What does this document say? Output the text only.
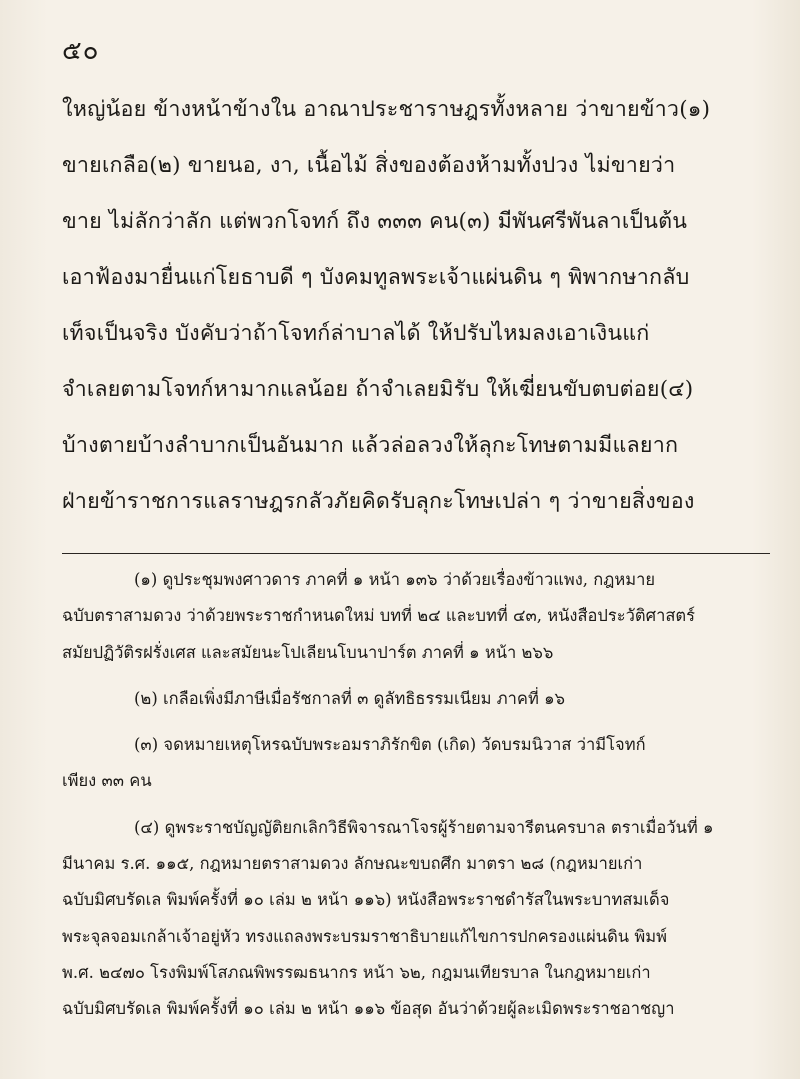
๕๐
ใหญ่น้อย ข้างหน้าข้างใน อาณาประชาราษฎรทั้งหลาย ว่าขายข้าว(๑)
ขายเกลือ(๒) ขายนอ, งา, เนื้อไม้ สิ่งของต้องห้ามทั้งปวง ไม่ขายว่า
ขาย ไม่ลักว่าลัก แต่พวกโจทก์ ถึง ๓๓๓ คน(๓) มีพันศรีพันลาเป็นต้น
เอาฟ้องมายื่นแก่โยธาบดี ๆ บังคมทูลพระเจ้าแผ่นดิน ๆ พิพากษากลับ
เท็จเป็นจริง บังคับว่าถ้าโจทก์ล่าบาลได้ ให้ปรับไหมลงเอาเงินแก่
จำเลยตามโจทก์หามากแลน้อย ถ้าจำเลยมิรับ ให้เฆี่ยนขับตบต่อย(๔)
บ้างตายบ้างลำบากเป็นอันมาก แล้วล่อลวงให้ลุกะโทษตามมีแลยาก
ฝ่ายข้าราชการแลราษฎรกลัวภัยคิดรับลุกะโทษเปล่า ๆ ว่าขายสิ่งของ
(๑) ดูประชุมพงศาวดาร ภาคที่ ๑ หน้า ๑๓๖ ว่าด้วยเรื่องข้าวแพง, กฎหมาย
ฉบับตราสามดวง ว่าด้วยพระราชกำหนดใหม่ บทที่ ๒๔ และบทที่ ๔๓, หนังสือประวัติศาสตร์
สมัยปฏิวัติรฝรั่งเศส และสมัยนะโปเลียนโบนาปาร์ต ภาคที่ ๑ หน้า ๒๖๖
(๒) เกลือเพิ่งมีภาษีเมื่อรัชกาลที่ ๓ ดูลัทธิธรรมเนียม ภาคที่ ๑๖
(๓) จดหมายเหตุโหรฉบับพระอมราภิรักขิต (เกิด) วัดบรมนิวาส ว่ามีโจทก์
เพียง ๓๓ คน
(๔) ดูพระราชบัญญัติยกเลิกวิธีพิจารณาโจรผู้ร้ายตามจารีตนครบาล ตราเมื่อวันที่ ๑
มีนาคม ร.ศ. ๑๑๕, กฎหมายตราสามดวง ลักษณะขบถศึก มาตรา ๒๘ (กฎหมายเก่า
ฉบับมิศบรัดเล พิมพ์ครั้งที่ ๑๐ เล่ม ๒ หน้า ๑๑๖) หนังสือพระราชดำรัสในพระบาทสมเด็จ
พระจุลจอมเกล้าเจ้าอยู่หัว ทรงแถลงพระบรมราชาธิบายแก้ไขการปกครองแผ่นดิน พิมพ์
พ.ศ. ๒๔๗๐ โรงพิมพ์โสภณพิพรรฒธนากร หน้า ๖๒, กฎมนเทียรบาล ในกฎหมายเก่า
ฉบับมิศบรัดเล พิมพ์ครั้งที่ ๑๐ เล่ม ๒ หน้า ๑๑๖ ข้อสุด อันว่าด้วยผู้ละเมิดพระราชอาชญา
